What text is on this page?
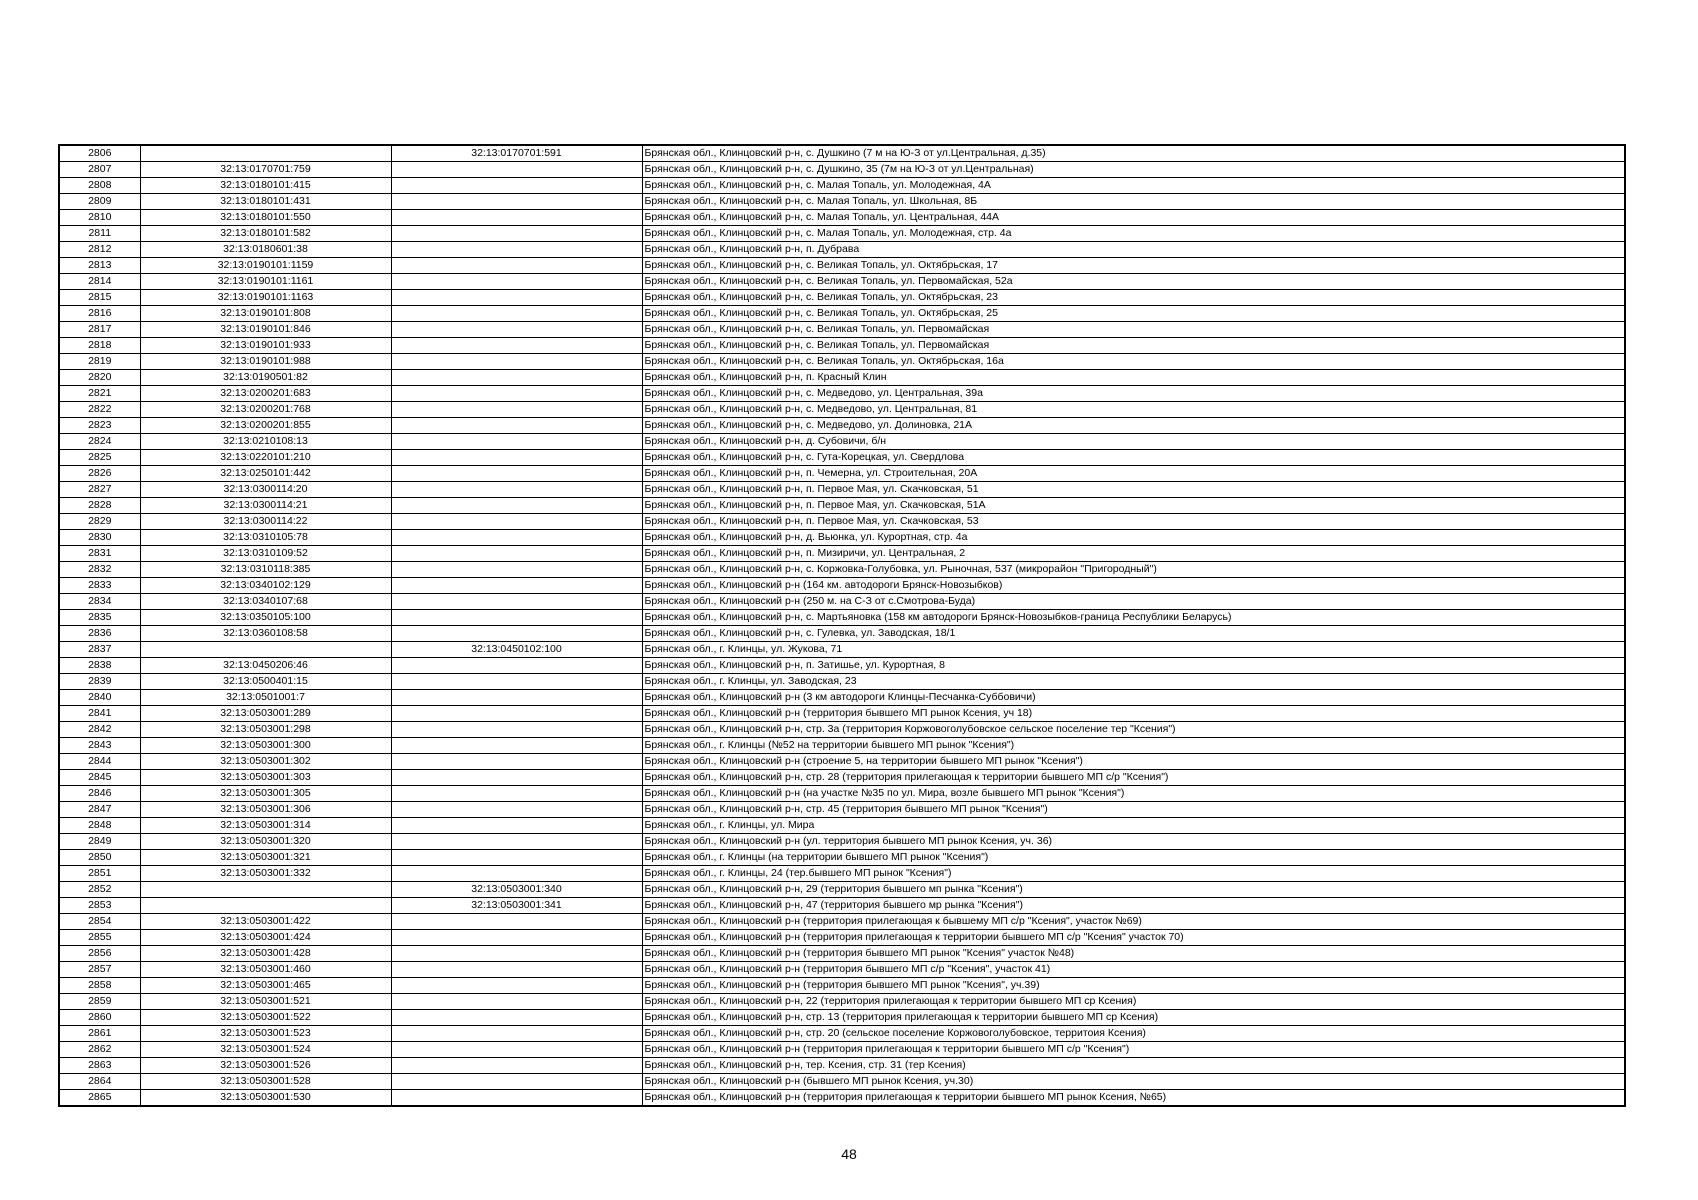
2806		32:13:0170701:591	Брянская обл., Клинцовский р-н, с. Душкино (7 м на Ю-З от ул.Центральная, д.35)
2807	32:13:0170701:759		Брянская обл., Клинцовский р-н, с. Душкино, 35 (7м на Ю-З от ул.Центральная)
2808	32:13:0180101:415		Брянская обл., Клинцовский р-н, с. Малая Топаль, ул. Молодежная, 4А
2809	32:13:0180101:431		Брянская обл., Клинцовский р-н, с. Малая Топаль, ул. Школьная, 8Б
2810	32:13:0180101:550		Брянская обл., Клинцовский р-н, с. Малая Топаль, ул. Центральная, 44А
2811	32:13:0180101:582		Брянская обл., Клинцовский р-н, с. Малая Топаль, ул. Молодежная, стр. 4а
2812	32:13:0180601:38		Брянская обл., Клинцовский р-н, п. Дубрава
2813	32:13:0190101:1159		Брянская обл., Клинцовский р-н, с. Великая Топаль, ул. Октябрьская, 17
2814	32:13:0190101:1161		Брянская обл., Клинцовский р-н, с. Великая Топаль, ул. Первомайская, 52а
2815	32:13:0190101:1163		Брянская обл., Клинцовский р-н, с. Великая Топаль, ул. Октябрьская, 23
2816	32:13:0190101:808		Брянская обл., Клинцовский р-н, с. Великая Топаль, ул. Октябрьская, 25
2817	32:13:0190101:846		Брянская обл., Клинцовский р-н, с. Великая Топаль, ул. Первомайская
2818	32:13:0190101:933		Брянская обл., Клинцовский р-н, с. Великая Топаль, ул. Первомайская
2819	32:13:0190101:988		Брянская обл., Клинцовский р-н, с. Великая Топаль, ул. Октябрьская, 16а
2820	32:13:0190501:82		Брянская обл., Клинцовский р-н, п. Красный Клин
2821	32:13:0200201:683		Брянская обл., Клинцовский р-н, с. Медведово, ул. Центральная, 39а
2822	32:13:0200201:768		Брянская обл., Клинцовский р-н, с. Медведово, ул. Центральная, 81
2823	32:13:0200201:855		Брянская обл., Клинцовский р-н, с. Медведово, ул. Долиновка, 21А
2824	32:13:0210108:13		Брянская обл., Клинцовский р-н, д. Субовичи, б/н
2825	32:13:0220101:210		Брянская обл., Клинцовский р-н, с. Гута-Корецкая, ул. Свердлова
2826	32:13:0250101:442		Брянская обл., Клинцовский р-н, п. Чемерна, ул. Строительная, 20А
2827	32:13:0300114:20		Брянская обл., Клинцовский р-н, п. Первое Мая, ул. Скачковская, 51
2828	32:13:0300114:21		Брянская обл., Клинцовский р-н, п. Первое Мая, ул. Скачковская, 51А
2829	32:13:0300114:22		Брянская обл., Клинцовский р-н, п. Первое Мая, ул. Скачковская, 53
2830	32:13:0310105:78		Брянская обл., Клинцовский р-н, д. Вьюнка, ул. Курортная, стр. 4а
2831	32:13:0310109:52		Брянская обл., Клинцовский р-н, п. Мизиричи, ул. Центральная, 2
2832	32:13:0310118:385		Брянская обл., Клинцовский р-н, с. Коржовка-Голубовка, ул. Рыночная, 537 (микрорайон "Пригородный")
2833	32:13:0340102:129		Брянская обл., Клинцовский р-н (164 км. автодороги Брянск-Новозыбков)
2834	32:13:0340107:68		Брянская обл., Клинцовский р-н (250 м. на С-З от с.Смотрова-Буда)
2835	32:13:0350105:100		Брянская обл., Клинцовский р-н, с. Мартьяновка (158 км автодороги Брянск-Новозыбков-граница Республики Беларусь)
2836	32:13:0360108:58		Брянская обл., Клинцовский р-н, с. Гулевка, ул. Заводская, 18/1
2837		32:13:0450102:100	Брянская обл., г. Клинцы, ул. Жукова, 71
2838	32:13:0450206:46		Брянская обл., Клинцовский р-н, п. Затишье, ул. Курортная, 8
2839	32:13:0500401:15		Брянская обл., г. Клинцы, ул. Заводская, 23
2840	32:13:0501001:7		Брянская обл., Клинцовский р-н (3 км автодороги Клинцы-Песчанка-Суббовичи)
2841	32:13:0503001:289		Брянская обл., Клинцовский р-н (территория бывшего МП рынок Ксения, уч 18)
2842	32:13:0503001:298		Брянская обл., Клинцовский р-н, стр. 3а (территория Коржовоголубовское сельское поселение тер "Ксения")
2843	32:13:0503001:300		Брянская обл., г. Клинцы (№52 на территории бывшего МП рынок "Ксения")
2844	32:13:0503001:302		Брянская обл., Клинцовский р-н (строение 5, на территории бывшего МП рынок "Ксения")
2845	32:13:0503001:303		Брянская обл., Клинцовский р-н, стр. 28 (территория прилегающая к территории бывшего МП с/р "Ксения")
2846	32:13:0503001:305		Брянская обл., Клинцовский р-н (на участке №35 по ул. Мира, возле бывшего МП рынок "Ксения")
2847	32:13:0503001:306		Брянская обл., Клинцовский р-н, стр. 45 (территория бывшего МП рынок "Ксения")
2848	32:13:0503001:314		Брянская обл., г. Клинцы, ул. Мира
2849	32:13:0503001:320		Брянская обл., Клинцовский р-н (ул. территория бывшего МП рынок Ксения, уч. 36)
2850	32:13:0503001:321		Брянская обл., г. Клинцы (на территории бывшего МП рынок "Ксения")
2851	32:13:0503001:332		Брянская обл., г. Клинцы, 24 (тер.бывшего МП рынок "Ксения")
2852		32:13:0503001:340	Брянская обл., Клинцовский р-н, 29 (территория бывшего мп рынка "Ксения")
2853		32:13:0503001:341	Брянская обл., Клинцовский р-н, 47 (территория бывшего мр рынка "Ксения")
2854	32:13:0503001:422		Брянская обл., Клинцовский р-н (территория прилегающая к бывшему МП с/р "Ксения", участок №69)
2855	32:13:0503001:424		Брянская обл., Клинцовский р-н (территория прилегающая к территории бывшего МП с/р "Ксения" участок 70)
2856	32:13:0503001:428		Брянская обл., Клинцовский р-н (территория бывшего МП рынок "Ксения" участок №48)
2857	32:13:0503001:460		Брянская обл., Клинцовский р-н (территория бывшего МП с/р "Ксения", участок 41)
2858	32:13:0503001:465		Брянская обл., Клинцовский р-н (территория бывшего МП рынок "Ксения", уч.39)
2859	32:13:0503001:521		Брянская обл., Клинцовский р-н, 22 (территория прилегающая к территории бывшего МП ср Ксения)
2860	32:13:0503001:522		Брянская обл., Клинцовский р-н, стр. 13 (территория прилегающая к территории бывшего МП ср Ксения)
2861	32:13:0503001:523		Брянская обл., Клинцовский р-н, стр. 20 (сельское поселение Коржовоголубовское, территоия Ксения)
2862	32:13:0503001:524		Брянская обл., Клинцовский р-н (территория прилегающая к территории бывшего МП с/р "Ксения")
2863	32:13:0503001:526		Брянская обл., Клинцовский р-н, тер. Ксения, стр. 31 (тер Ксения)
2864	32:13:0503001:528		Брянская обл., Клинцовский р-н (бывшего МП рынок Ксения, уч.30)
2865	32:13:0503001:530		Брянская обл., Клинцовский р-н (территория прилегающая к территории бывшего МП рынок Ксения, №65)
48
